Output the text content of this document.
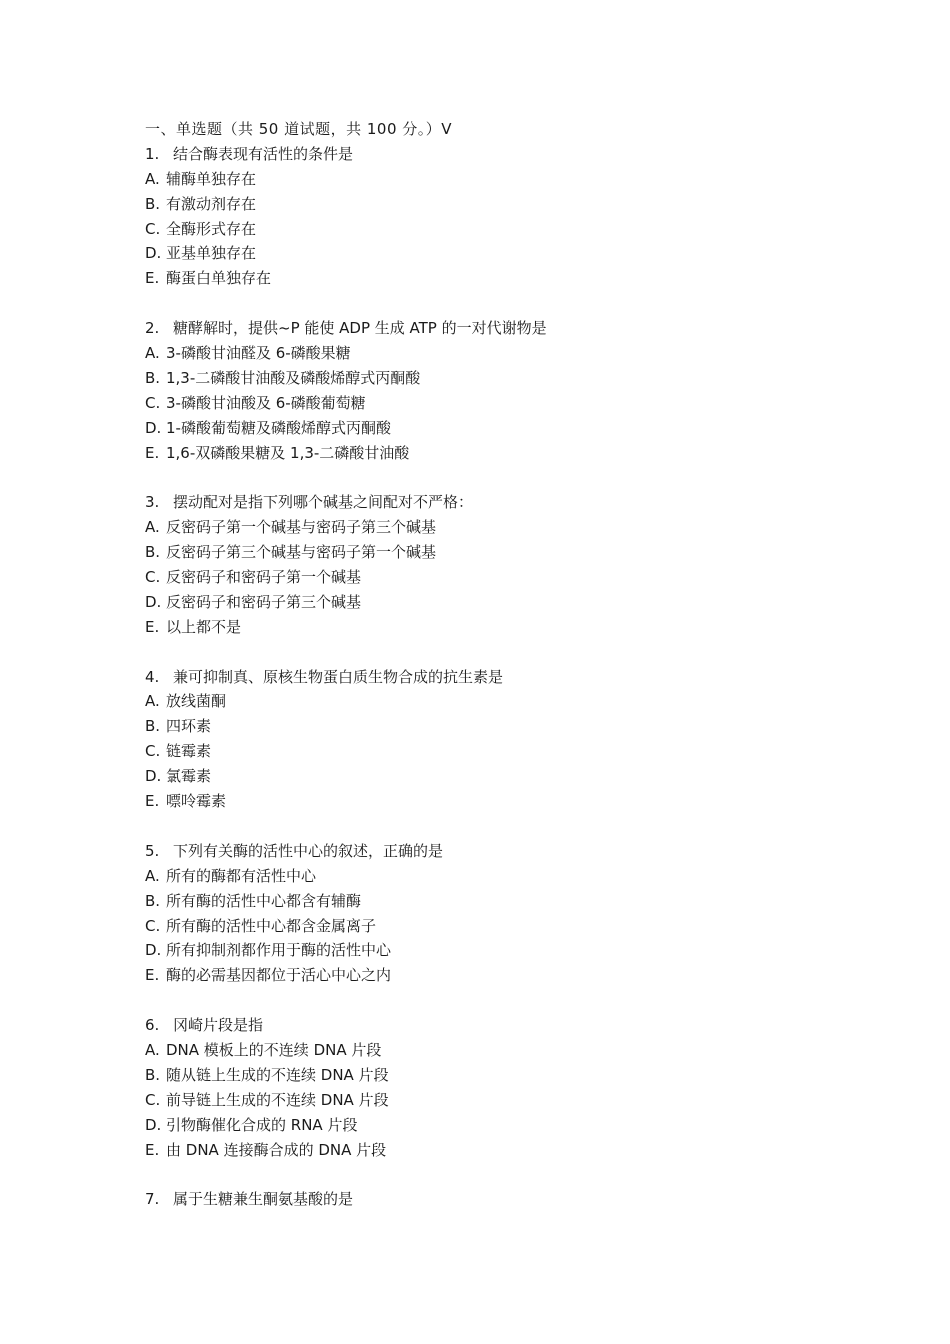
一、单选题（共 50 道试题，共 100 分。）V
1. 结合酶表现有活性的条件是
A. 辅酶单独存在
B. 有激动剂存在
C. 全酶形式存在
D. 亚基单独存在
E. 酶蛋白单独存在
2. 糖酵解时，提供~P 能使 ADP 生成 ATP 的一对代谢物是
A. 3-磷酸甘油醛及 6-磷酸果糖
B. 1,3-二磷酸甘油酸及磷酸烯醇式丙酮酸
C. 3-磷酸甘油酸及 6-磷酸葡萄糖
D. 1-磷酸葡萄糖及磷酸烯醇式丙酮酸
E. 1,6-双磷酸果糖及 1,3-二磷酸甘油酸
3. 摆动配对是指下列哪个碱基之间配对不严格：
A. 反密码子第一个碱基与密码子第三个碱基
B. 反密码子第三个碱基与密码子第一个碱基
C. 反密码子和密码子第一个碱基
D. 反密码子和密码子第三个碱基
E. 以上都不是
4. 兼可抑制真、原核生物蛋白质生物合成的抗生素是
A. 放线菌酮
B. 四环素
C. 链霉素
D. 氯霉素
E. 嘌呤霉素
5. 下列有关酶的活性中心的叙述，正确的是
A. 所有的酶都有活性中心
B. 所有酶的活性中心都含有辅酶
C. 所有酶的活性中心都含金属离子
D. 所有抑制剂都作用于酶的活性中心
E. 酶的必需基因都位于活心中心之内
6. 冈崎片段是指
A. DNA 模板上的不连续 DNA 片段
B. 随从链上生成的不连续 DNA 片段
C. 前导链上生成的不连续 DNA 片段
D. 引物酶催化合成的 RNA 片段
E. 由 DNA 连接酶合成的 DNA 片段
7. 属于生糖兼生酮氨基酸的是
